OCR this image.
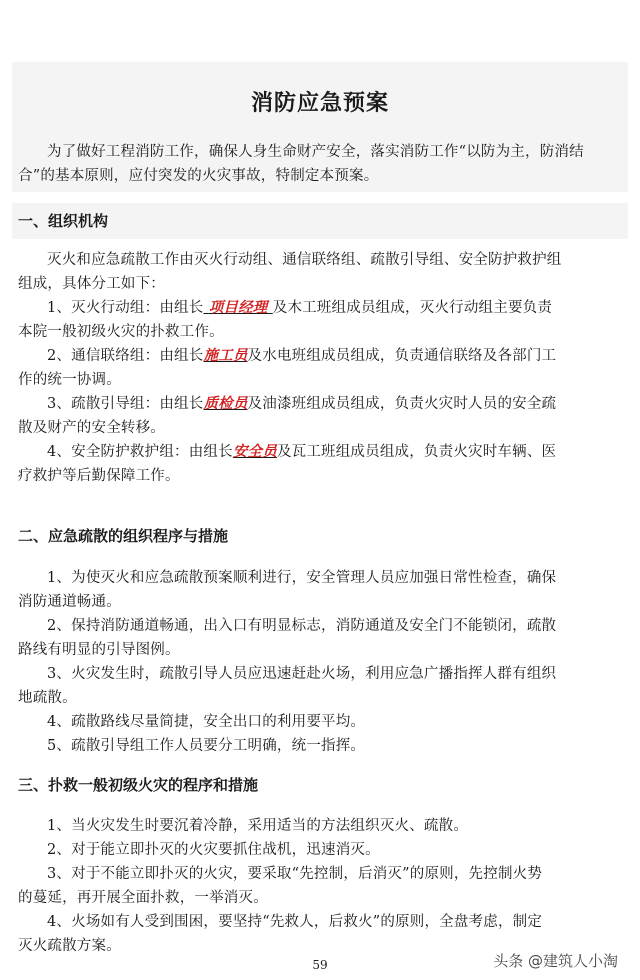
消防应急预案
为了做好工程消防工作，确保人身生命财产安全，落实消防工作“以防为主，防消结
合”的基本原则，应付突发的火灾事故，特制定本预案。
一、组织机构
灭火和应急疏散工作由灭火行动组、通信联络组、疏散引导组、安全防护救护组
组成，具体分工如下：
1、灭火行动组：由组长 项目经理 及木工班组成员组成，灭火行动组主要负责
本院一般初级火灾的扑救工作。
2、通信联络组：由组长施工员及水电班组成员组成，负责通信联络及各部门工
作的统一协调。
3、疏散引导组：由组长质检员及油漆班组成员组成，负责火灾时人员的安全疏
散及财产的安全转移。
4、安全防护救护组：由组长安全员及瓦工班组成员组成，负责火灾时车辆、医
疗救护等后勤保障工作。
二、应急疏散的组织程序与措施
1、为使灭火和应急疏散预案顺利进行，安全管理人员应加强日常性检查，确保
消防通道畅通。
2、保持消防通道畅通，出入口有明显标志，消防通道及安全门不能锁闭，疏散
路线有明显的引导图例。
3、火灾发生时，疏散引导人员应迅速赶赴火场，利用应急广播指挥人群有组织
地疏散。
4、疏散路线尽量简捷，安全出口的利用要平均。
5、疏散引导组工作人员要分工明确，统一指挥。
三、扑救一般初级火灾的程序和措施
1、当火灾发生时要沉着冷静，采用适当的方法组织灭火、疏散。
2、对于能立即扑灭的火灾要抓住战机，迅速消灭。
3、对于不能立即扑灭的火灾，要采取“先控制，后消灭”的原则，先控制火势
的蔓延，再开展全面扑救，一举消灭。
4、火场如有人受到围困，要坚持“先救人，后救火”的原则，全盘考虑，制定
灭火疏散方案。
59	头条 @建筑人小淘
